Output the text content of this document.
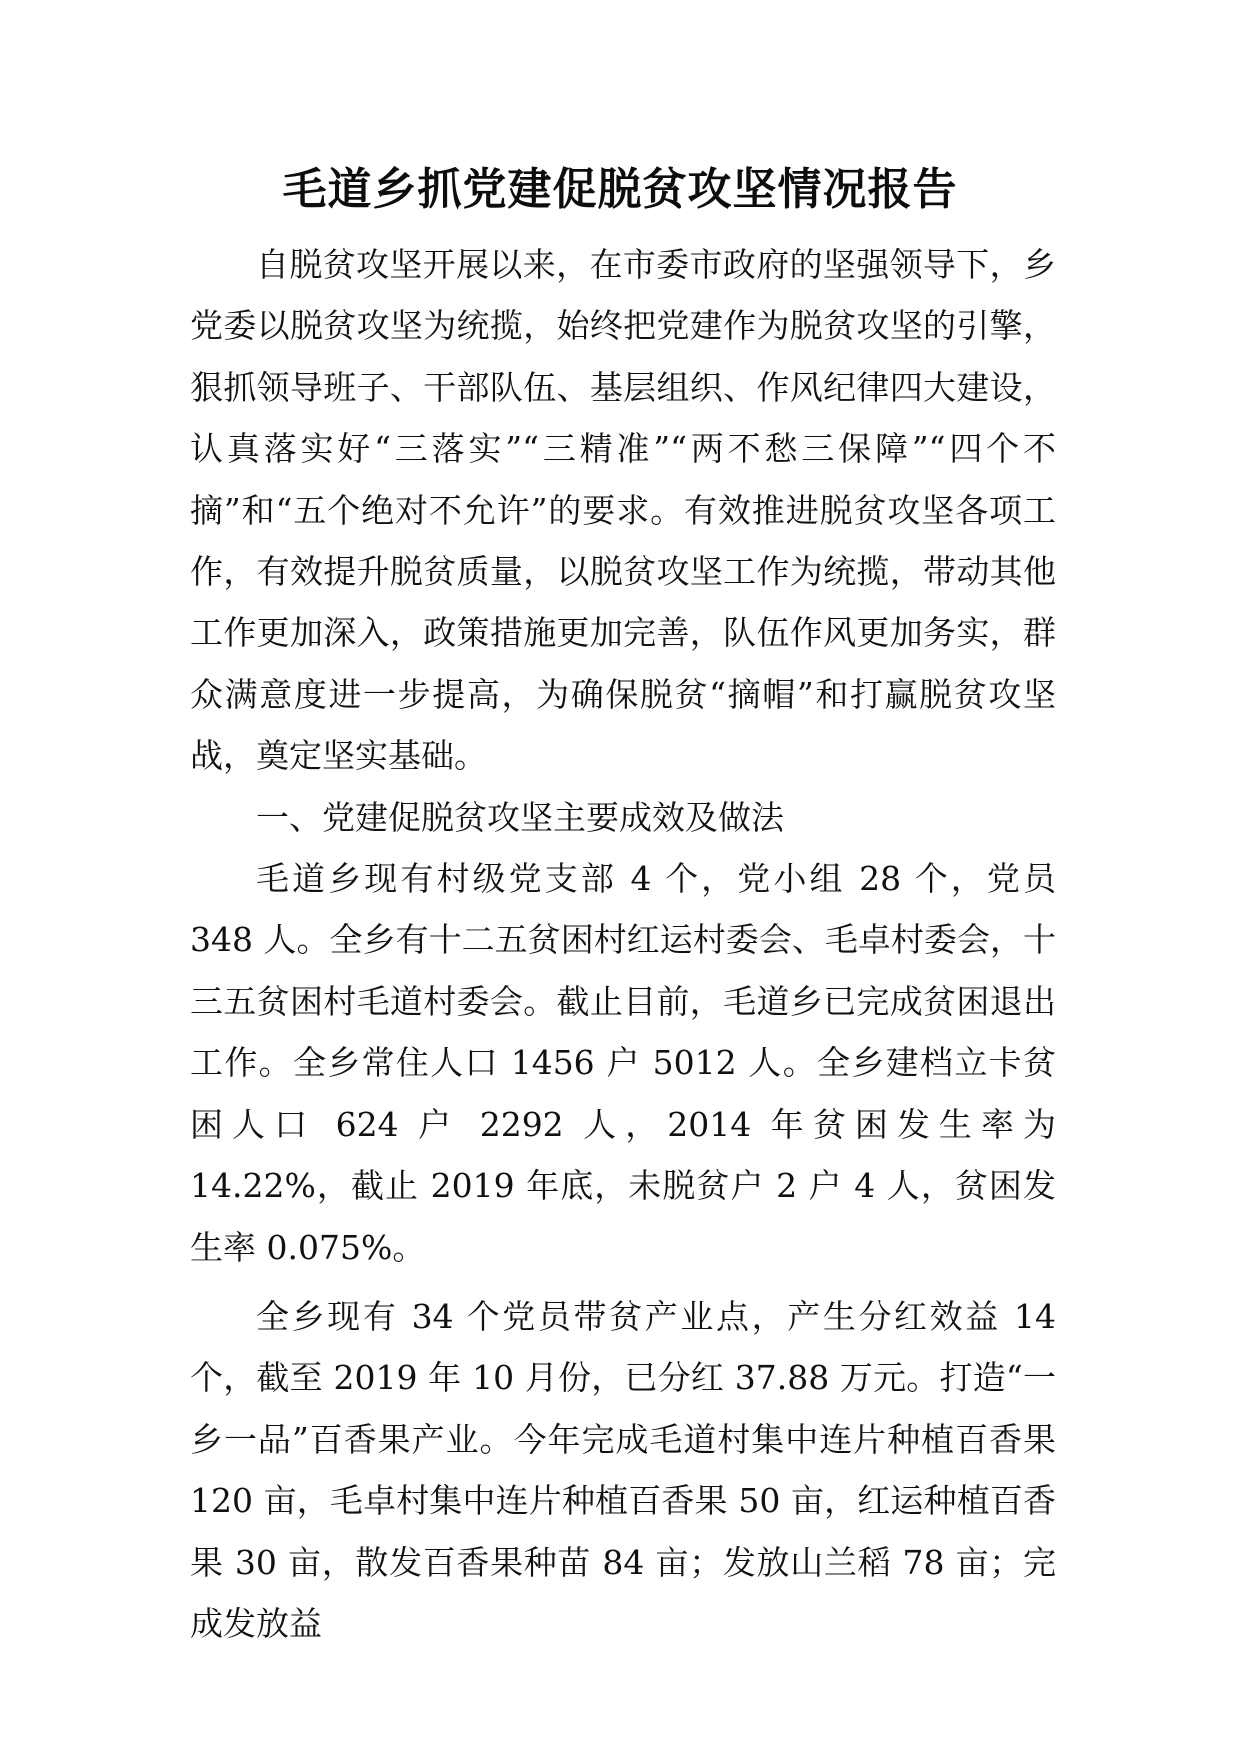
毛道乡抓党建促脱贫攻坚情况报告

自脱贫攻坚开展以来，在市委市政府的坚强领导下，乡党委以脱贫攻坚为统揽，始终把党建作为脱贫攻坚的引擎，狠抓领导班子、干部队伍、基层组织、作风纪律四大建设，认真落实好“三落实”“三精准”“两不愁三保障”“四个不摘”和“五个绝对不允许”的要求。有效推进脱贫攻坚各项工作，有效提升脱贫质量，以脱贫攻坚工作为统揽，带动其他工作更加深入，政策措施更加完善，队伍作风更加务实，群众满意度进一步提高，为确保脱贫“摘帽”和打赢脱贫攻坚战，奠定坚实基础。

一、党建促脱贫攻坚主要成效及做法

毛道乡现有村级党支部 4 个，党小组 28 个，党员 348 人。全乡有十二五贫困村红运村委会、毛卓村委会，十三五贫困村毛道村委会。截止目前，毛道乡已完成贫困退出工作。全乡常住人口 1456 户 5012 人。全乡建档立卡贫困人口 624 户 2292 人，2014 年贫困发生率为 14.22%，截止 2019 年底，未脱贫户 2 户 4 人，贫困发生率 0.075%。

全乡现有 34 个党员带贫产业点，产生分红效益 14 个，截至 2019 年 10 月份，已分红 37.88 万元。打造“一乡一品”百香果产业。今年完成毛道村集中连片种植百香果 120 亩，毛卓村集中连片种植百香果 50 亩，红运种植百香果 30 亩，散发百香果种苗 84 亩；发放山兰稻 78 亩；完成发放益
